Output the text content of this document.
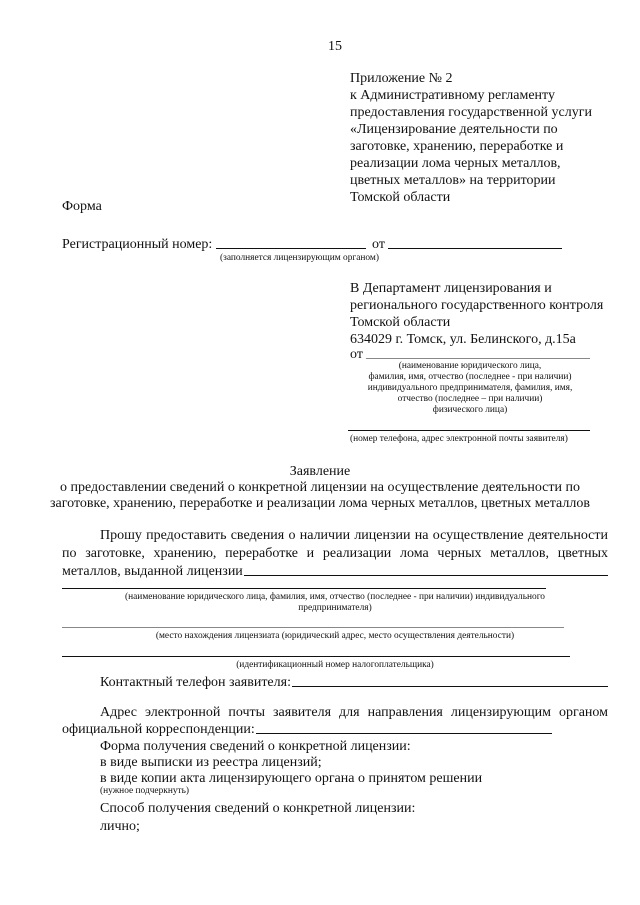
15
Приложение № 2
к Административному регламенту
предоставления государственной услуги
«Лицензирование деятельности по
заготовке, хранению, переработке и
реализации лома черных металлов,
цветных металлов» на территории
Томской области
Форма
Регистрационный номер:	от
(заполняется лицензирующим органом)
В Департамент лицензирования и
регионального государственного контроля
Томской области
634029 г. Томск, ул. Белинского, д.15а
от
(наименование юридического лица,
фамилия, имя, отчество (последнее - при наличии)
индивидуального предпринимателя, фамилия, имя,
отчество (последнее – при наличии)
физического лица)
(номер телефона, адрес электронной почты заявителя)
Заявление
о предоставлении сведений о конкретной лицензии на осуществление деятельности по
заготовке, хранению, переработке и реализации лома черных металлов, цветных металлов
Прошу предоставить сведения о наличии лицензии на осуществление деятельности
по заготовке, хранению, переработке и реализации лома черных металлов, цветных
металлов, выданной лицензии
(наименование юридического лица, фамилия, имя, отчество (последнее - при наличии) индивидуального
предпринимателя)
(место нахождения лицензиата (юридический адрес, место осуществления деятельности)
(идентификационный номер налогоплательщика)
Контактный телефон заявителя:
Адрес электронной почты заявителя для направления лицензирующим органом
официальной корреспонденции:
Форма получения сведений о конкретной лицензии:
в виде выписки из реестра лицензий;
в виде копии акта лицензирующего органа о принятом решении
(нужное подчеркнуть)
Способ получения сведений о конкретной лицензии:
лично;
